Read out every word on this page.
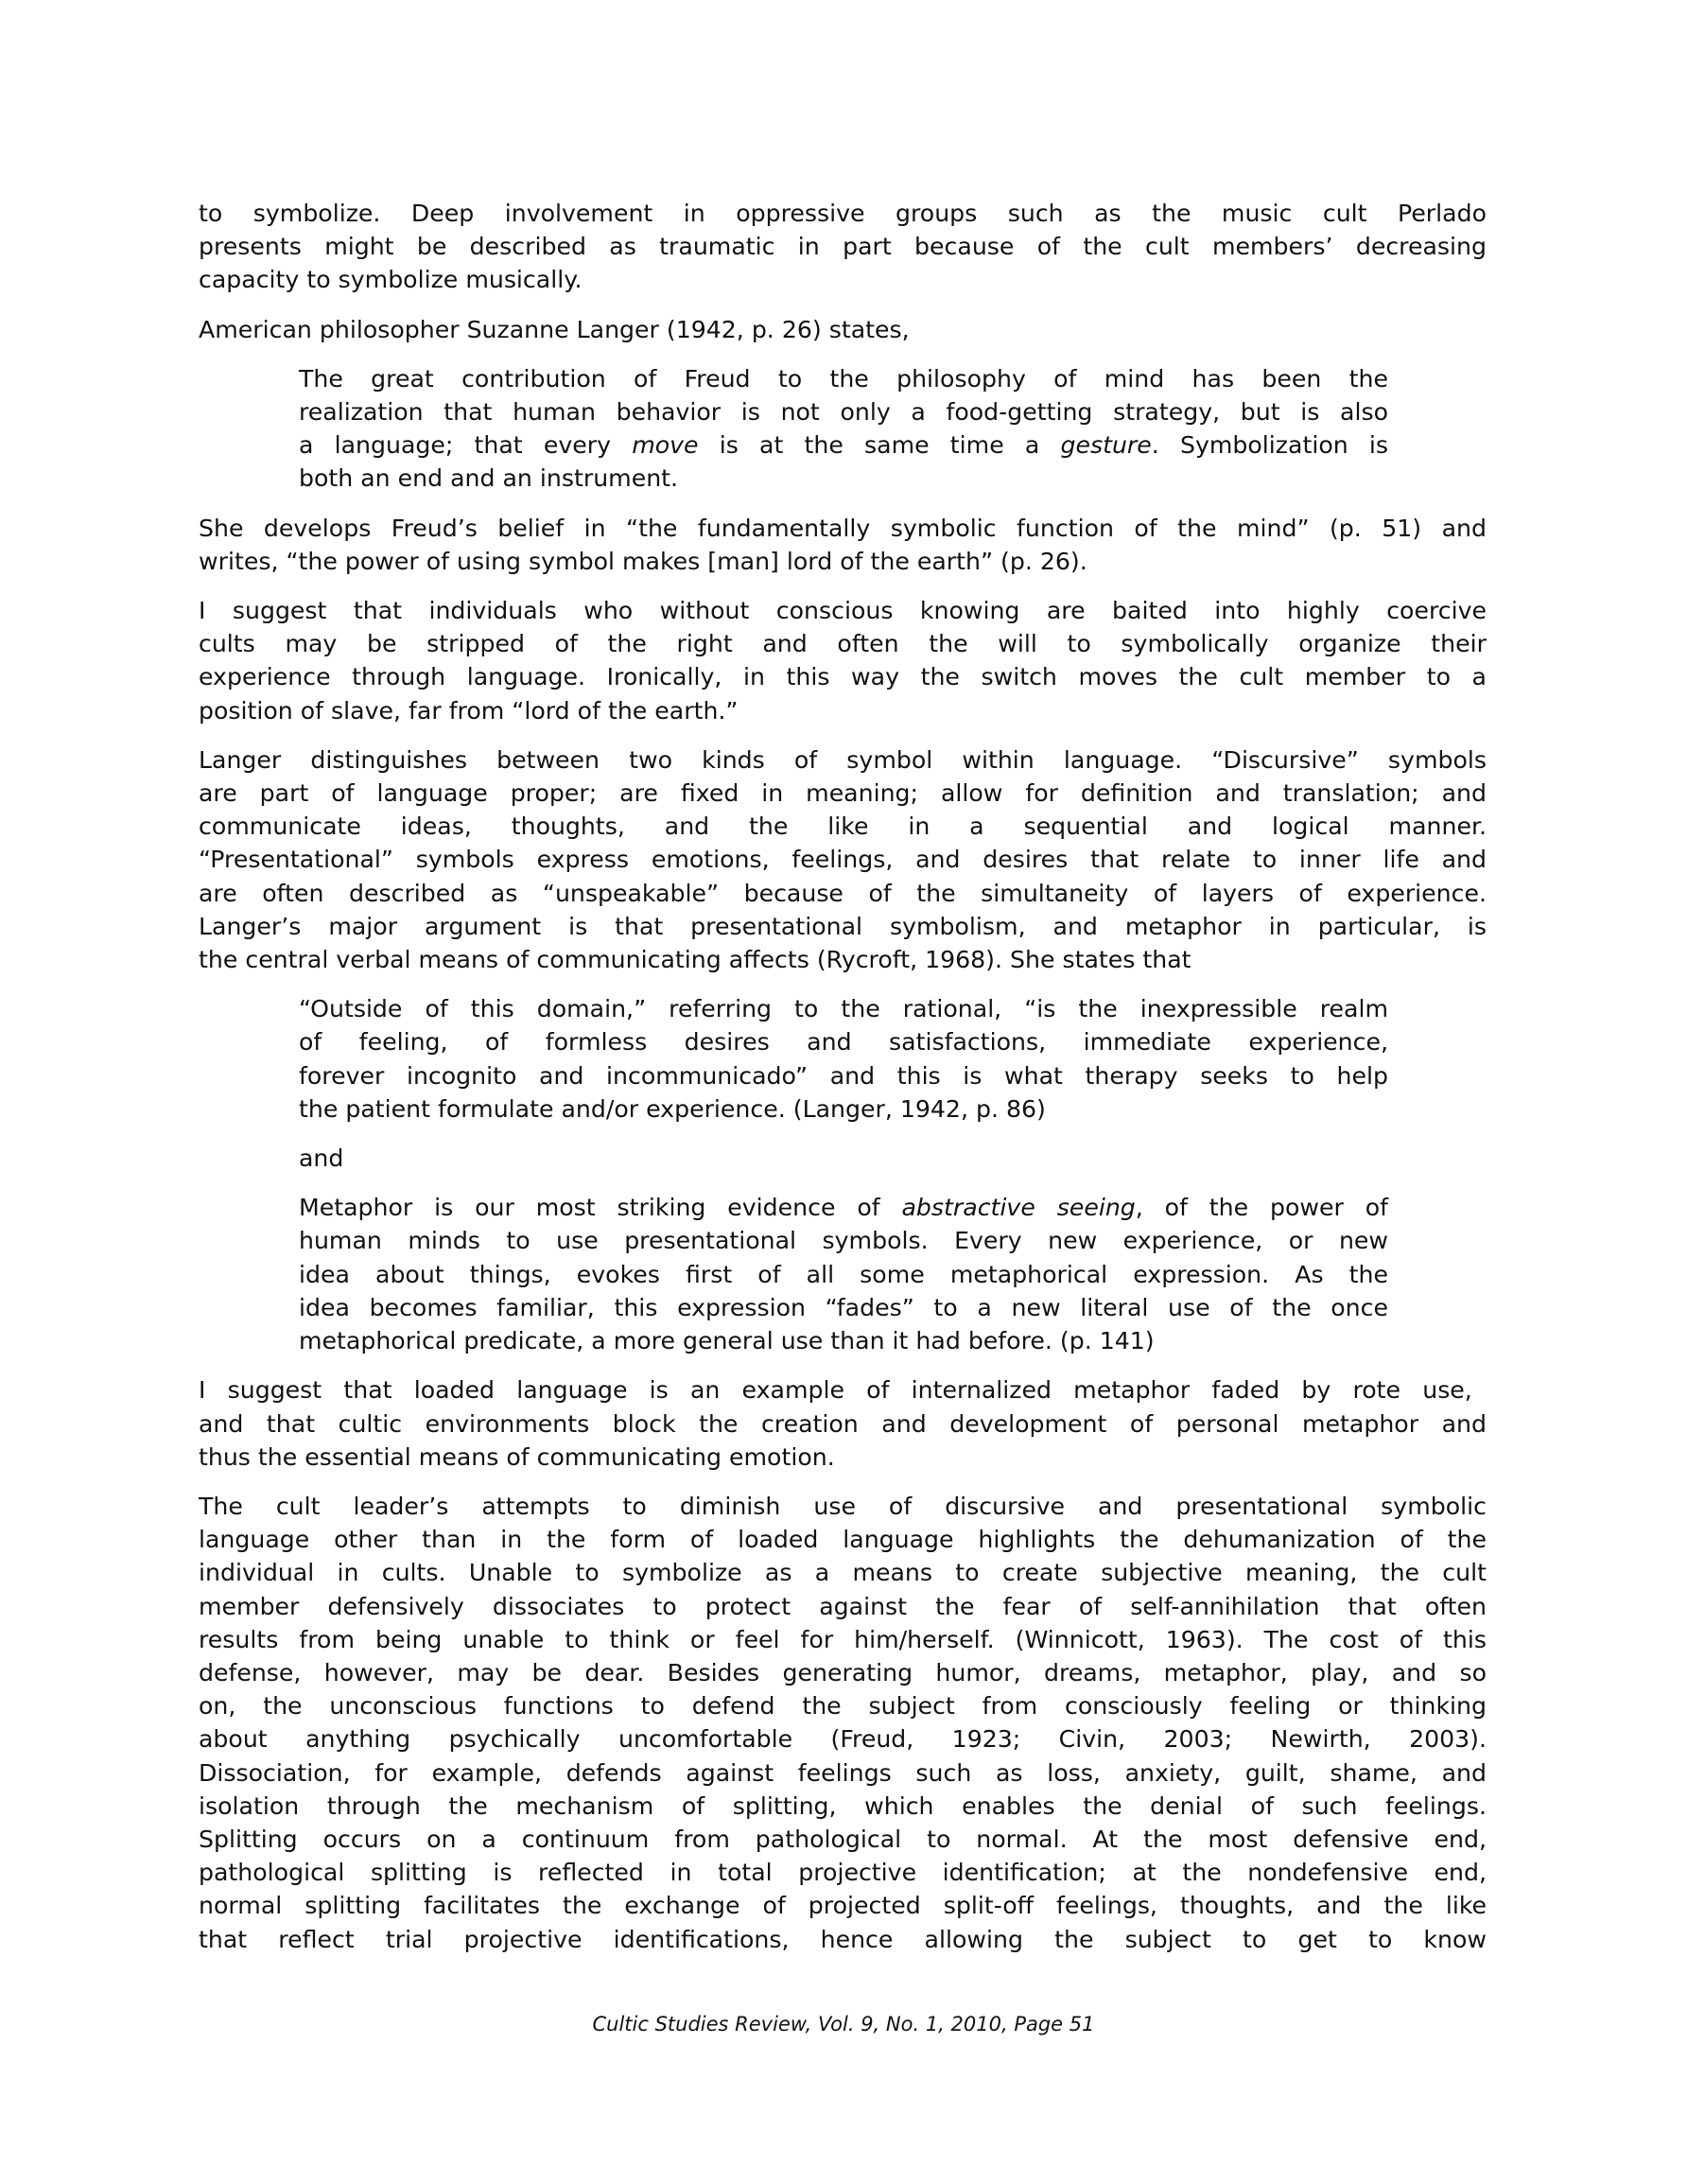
to symbolize. Deep involvement in oppressive groups such as the music cult Perlado
presents might be described as traumatic in part because of the cult members’ decreasing
capacity to symbolize musically.
American philosopher Suzanne Langer (1942, p. 26) states,
The great contribution of Freud to the philosophy of mind has been the
realization that human behavior is not only a food-getting strategy, but is also
a language; that every move is at the same time a gesture. Symbolization is
both an end and an instrument.
She develops Freud’s belief in “the fundamentally symbolic function of the mind” (p. 51) and
writes, “the power of using symbol makes [man] lord of the earth” (p. 26).
I suggest that individuals who without conscious knowing are baited into highly coercive
cults may be stripped of the right and often the will to symbolically organize their
experience through language. Ironically, in this way the switch moves the cult member to a
position of slave, far from “lord of the earth.”
Langer distinguishes between two kinds of symbol within language. “Discursive” symbols
are part of language proper; are fixed in meaning; allow for definition and translation; and
communicate ideas, thoughts, and the like in a sequential and logical manner.
“Presentational” symbols express emotions, feelings, and desires that relate to inner life and
are often described as “unspeakable” because of the simultaneity of layers of experience.
Langer’s major argument is that presentational symbolism, and metaphor in particular, is
the central verbal means of communicating affects (Rycroft, 1968). She states that
“Outside of this domain,” referring to the rational, “is the inexpressible realm
of feeling, of formless desires and satisfactions, immediate experience,
forever incognito and incommunicado” and this is what therapy seeks to help
the patient formulate and/or experience. (Langer, 1942, p. 86)
and
Metaphor is our most striking evidence of abstractive seeing, of the power of
human minds to use presentational symbols. Every new experience, or new
idea about things, evokes first of all some metaphorical expression. As the
idea becomes familiar, this expression “fades” to a new literal use of the once
metaphorical predicate, a more general use than it had before. (p. 141)
I suggest that loaded language is an example of internalized metaphor faded by rote use,
and that cultic environments block the creation and development of personal metaphor and
thus the essential means of communicating emotion.
The cult leader’s attempts to diminish use of discursive and presentational symbolic
language other than in the form of loaded language highlights the dehumanization of the
individual in cults. Unable to symbolize as a means to create subjective meaning, the cult
member defensively dissociates to protect against the fear of self-annihilation that often
results from being unable to think or feel for him/herself. (Winnicott, 1963). The cost of this
defense, however, may be dear. Besides generating humor, dreams, metaphor, play, and so
on, the unconscious functions to defend the subject from consciously feeling or thinking
about anything psychically uncomfortable (Freud, 1923; Civin, 2003; Newirth, 2003).
Dissociation, for example, defends against feelings such as loss, anxiety, guilt, shame, and
isolation through the mechanism of splitting, which enables the denial of such feelings.
Splitting occurs on a continuum from pathological to normal. At the most defensive end,
pathological splitting is reflected in total projective identification; at the nondefensive end,
normal splitting facilitates the exchange of projected split-off feelings, thoughts, and the like
that reflect trial projective identifications, hence allowing the subject to get to know
Cultic Studies Review, Vol. 9, No. 1, 2010, Page 51
